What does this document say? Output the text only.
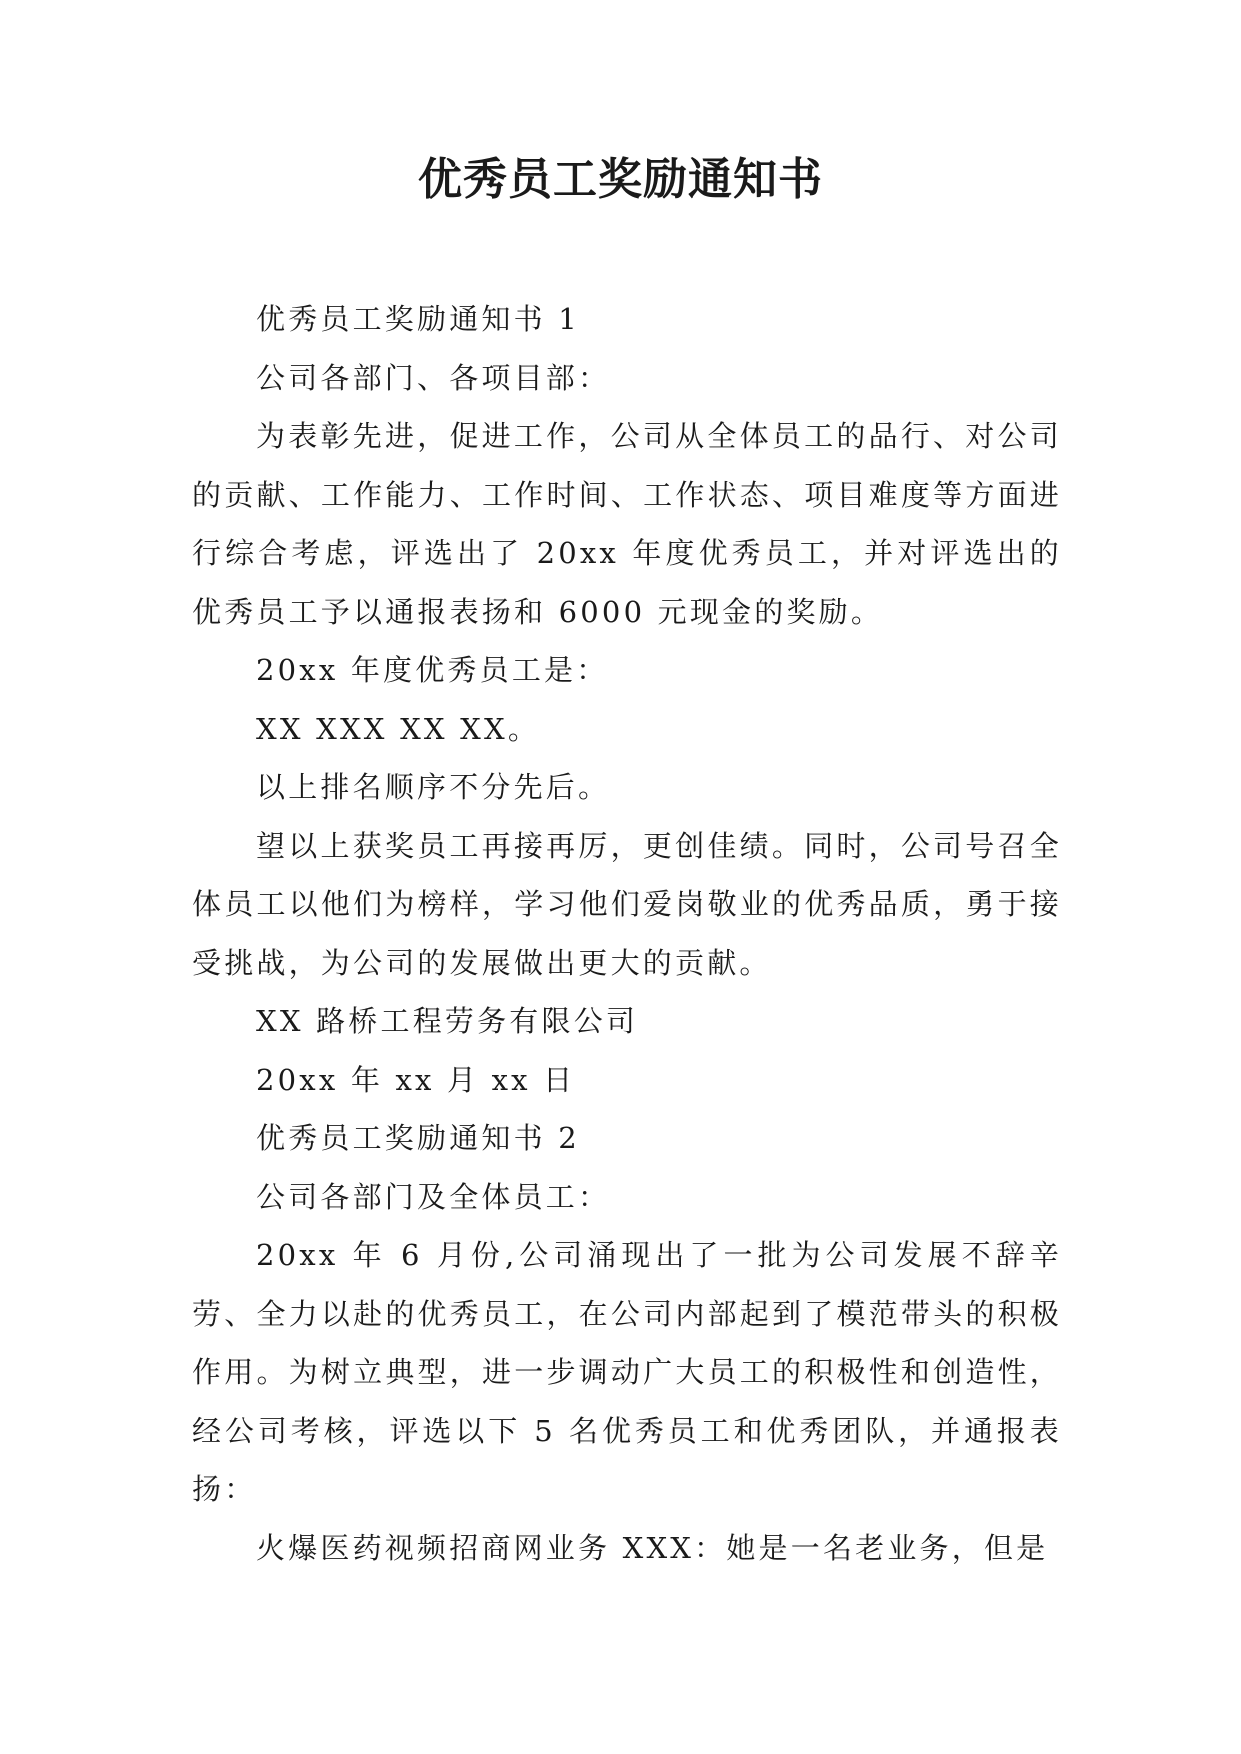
优秀员工奖励通知书

优秀员工奖励通知书 1

公司各部门、各项目部：

为表彰先进，促进工作，公司从全体员工的品行、对公司的贡献、工作能力、工作时间、工作状态、项目难度等方面进行综合考虑，评选出了 20xx 年度优秀员工，并对评选出的优秀员工予以通报表扬和 6000 元现金的奖励。

20xx 年度优秀员工是：

XX XXX XX XX。

以上排名顺序不分先后。

望以上获奖员工再接再厉，更创佳绩。同时，公司号召全体员工以他们为榜样，学习他们爱岗敬业的优秀品质，勇于接受挑战，为公司的发展做出更大的贡献。

XX 路桥工程劳务有限公司

20xx 年 xx 月 xx 日

优秀员工奖励通知书 2

公司各部门及全体员工：

20xx 年 6 月份,公司涌现出了一批为公司发展不辞辛劳、全力以赴的优秀员工，在公司内部起到了模范带头的积极作用。为树立典型，进一步调动广大员工的积极性和创造性，经公司考核，评选以下 5 名优秀员工和优秀团队，并通报表扬：

火爆医药视频招商网业务 XXX：她是一名老业务，但是
